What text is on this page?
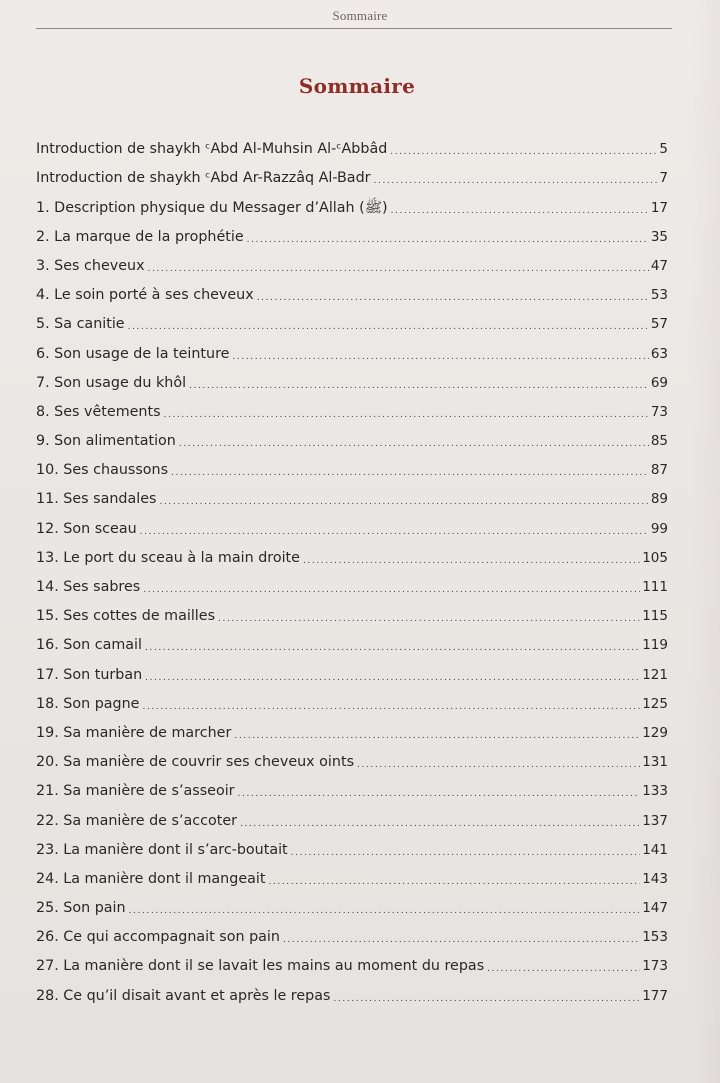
Sommaire
Sommaire
Introduction de shaykh ᶜAbd Al-Muhsin Al-ᶜAbbâd .....	5
Introduction de shaykh ᶜAbd Ar-Razzâq Al-Badr .....	7
1. Description physique du Messager d’Allah (ﷺ) .....	17
2. La marque de la prophétie .....	35
3. Ses cheveux .....	47
4. Le soin porté à ses cheveux .....	53
5. Sa canitie .....	57
6. Son usage de la teinture .....	63
7. Son usage du khôl .....	69
8. Ses vêtements .....	73
9. Son alimentation .....	85
10. Ses chaussons .....	87
11. Ses sandales .....	89
12. Son sceau .....	99
13. Le port du sceau à la main droite .....	105
14. Ses sabres .....	111
15. Ses cottes de mailles .....	115
16. Son camail .....	119
17. Son turban .....	121
18. Son pagne .....	125
19. Sa manière de marcher .....	129
20. Sa manière de couvrir ses cheveux oints .....	131
21. Sa manière de s’asseoir .....	133
22. Sa manière de s’accoter .....	137
23. La manière dont il s’arc-boutait .....	141
24. La manière dont il mangeait .....	143
25. Son pain .....	147
26. Ce qui accompagnait son pain .....	153
27. La manière dont il se lavait les mains au moment du repas .....	173
28. Ce qu’il disait avant et après le repas .....	177
